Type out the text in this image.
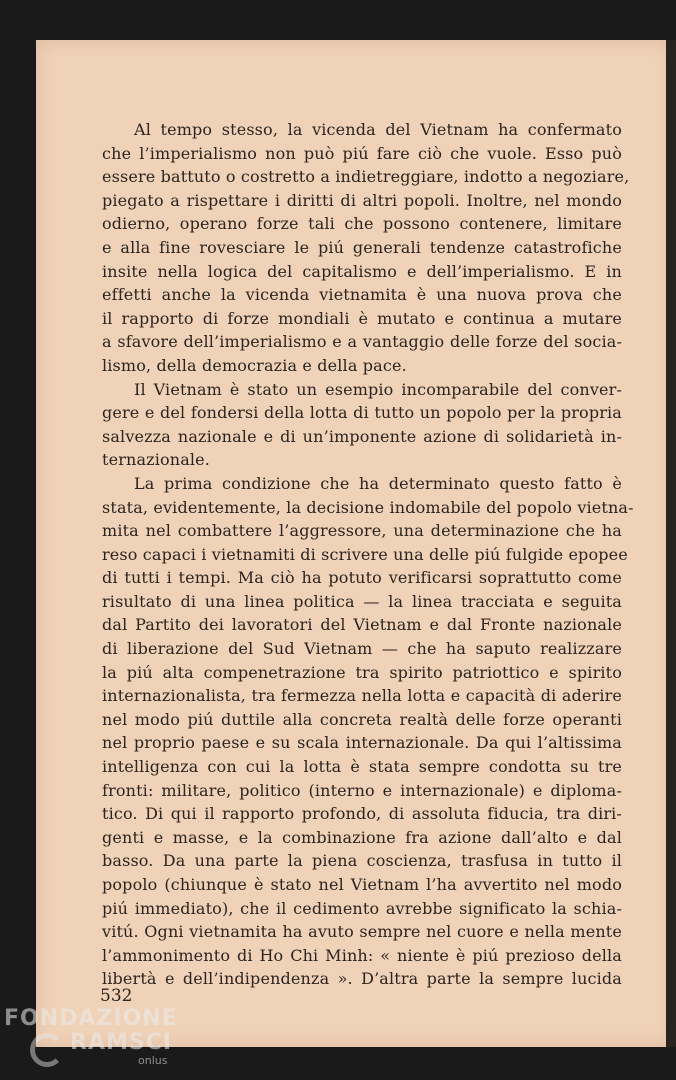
Al tempo stesso, la vicenda del Vietnam ha confermato
che l’imperialismo non può piú fare ciò che vuole. Esso può
essere battuto o costretto a indietreggiare, indotto a negoziare,
piegato a rispettare i diritti di altri popoli. Inoltre, nel mondo
odierno, operano forze tali che possono contenere, limitare
e alla fine rovesciare le piú generali tendenze catastrofiche
insite nella logica del capitalismo e dell’imperialismo. E in
effetti anche la vicenda vietnamita è una nuova prova che
il rapporto di forze mondiali è mutato e continua a mutare
a sfavore dell’imperialismo e a vantaggio delle forze del socia-
lismo, della democrazia e della pace.
Il Vietnam è stato un esempio incomparabile del conver-
gere e del fondersi della lotta di tutto un popolo per la propria
salvezza nazionale e di un’imponente azione di solidarietà in-
ternazionale.
La prima condizione che ha determinato questo fatto è
stata, evidentemente, la decisione indomabile del popolo vietna-
mita nel combattere l’aggressore, una determinazione che ha
reso capaci i vietnamiti di scrivere una delle piú fulgide epopee
di tutti i tempi. Ma ciò ha potuto verificarsi soprattutto come
risultato di una linea politica — la linea tracciata e seguita
dal Partito dei lavoratori del Vietnam e dal Fronte nazionale
di liberazione del Sud Vietnam — che ha saputo realizzare
la piú alta compenetrazione tra spirito patriottico e spirito
internazionalista, tra fermezza nella lotta e capacità di aderire
nel modo piú duttile alla concreta realtà delle forze operanti
nel proprio paese e su scala internazionale. Da qui l’altissima
intelligenza con cui la lotta è stata sempre condotta su tre
fronti: militare, politico (interno e internazionale) e diploma-
tico. Di qui il rapporto profondo, di assoluta fiducia, tra diri-
genti e masse, e la combinazione fra azione dall’alto e dal
basso. Da una parte la piena coscienza, trasfusa in tutto il
popolo (chiunque è stato nel Vietnam l’ha avvertito nel modo
piú immediato), che il cedimento avrebbe significato la schia-
vitú. Ogni vietnamita ha avuto sempre nel cuore e nella mente
l’ammonimento di Ho Chi Minh: « niente è piú prezioso della
libertà e dell’indipendenza ». D’altra parte la sempre lucida
532
FONDAZIONE
RAMSCI
onlus
